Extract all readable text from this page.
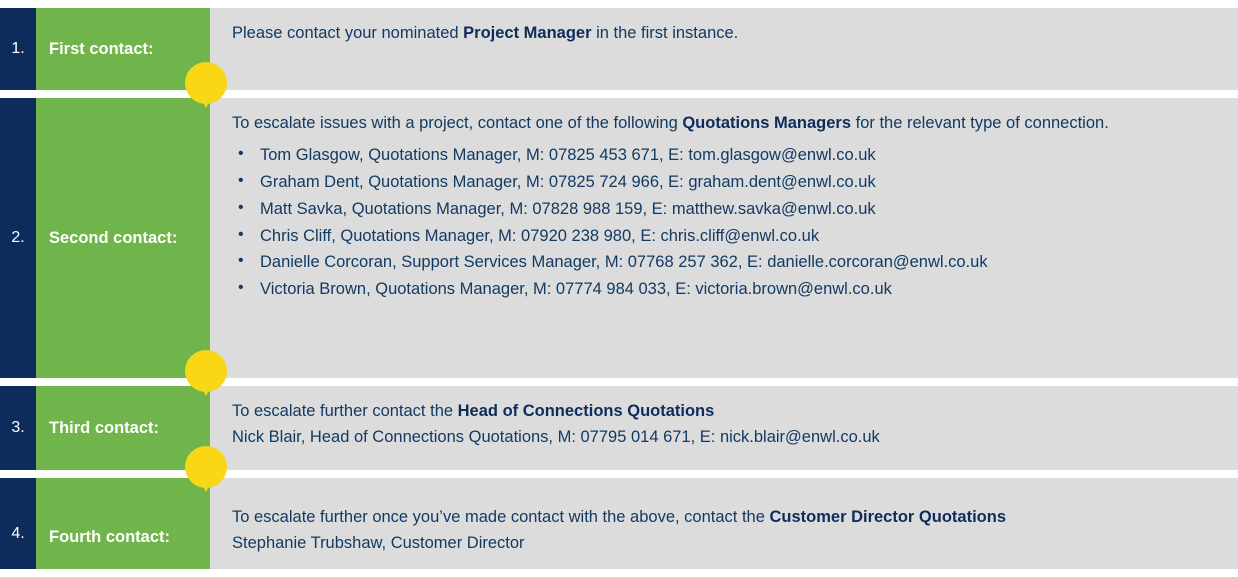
1.	First contact:

Please contact your nominated Project Manager in the first instance.

2.	Second contact:

To escalate issues with a project, contact one of the following Quotations Managers for the relevant type of connection.

• Tom Glasgow, Quotations Manager, M: 07825 453 671, E: tom.glasgow@enwl.co.uk
• Graham Dent, Quotations Manager, M: 07825 724 966, E: graham.dent@enwl.co.uk
• Matt Savka, Quotations Manager, M: 07828 988 159, E: matthew.savka@enwl.co.uk
• Chris Cliff, Quotations Manager, M: 07920 238 980, E: chris.cliff@enwl.co.uk
• Danielle Corcoran, Support Services Manager, M: 07768 257 362, E: danielle.corcoran@enwl.co.uk
• Victoria Brown, Quotations Manager, M: 07774 984 033, E: victoria.brown@enwl.co.uk
3.	Third contact:

To escalate further contact the Head of Connections Quotations

Nick Blair, Head of Connections Quotations, M: 07795 014 671, E: nick.blair@enwl.co.uk

4.	Fourth contact:

To escalate further once you’ve made contact with the above, contact the Customer Director Quotations

Stephanie Trubshaw, Customer Director
